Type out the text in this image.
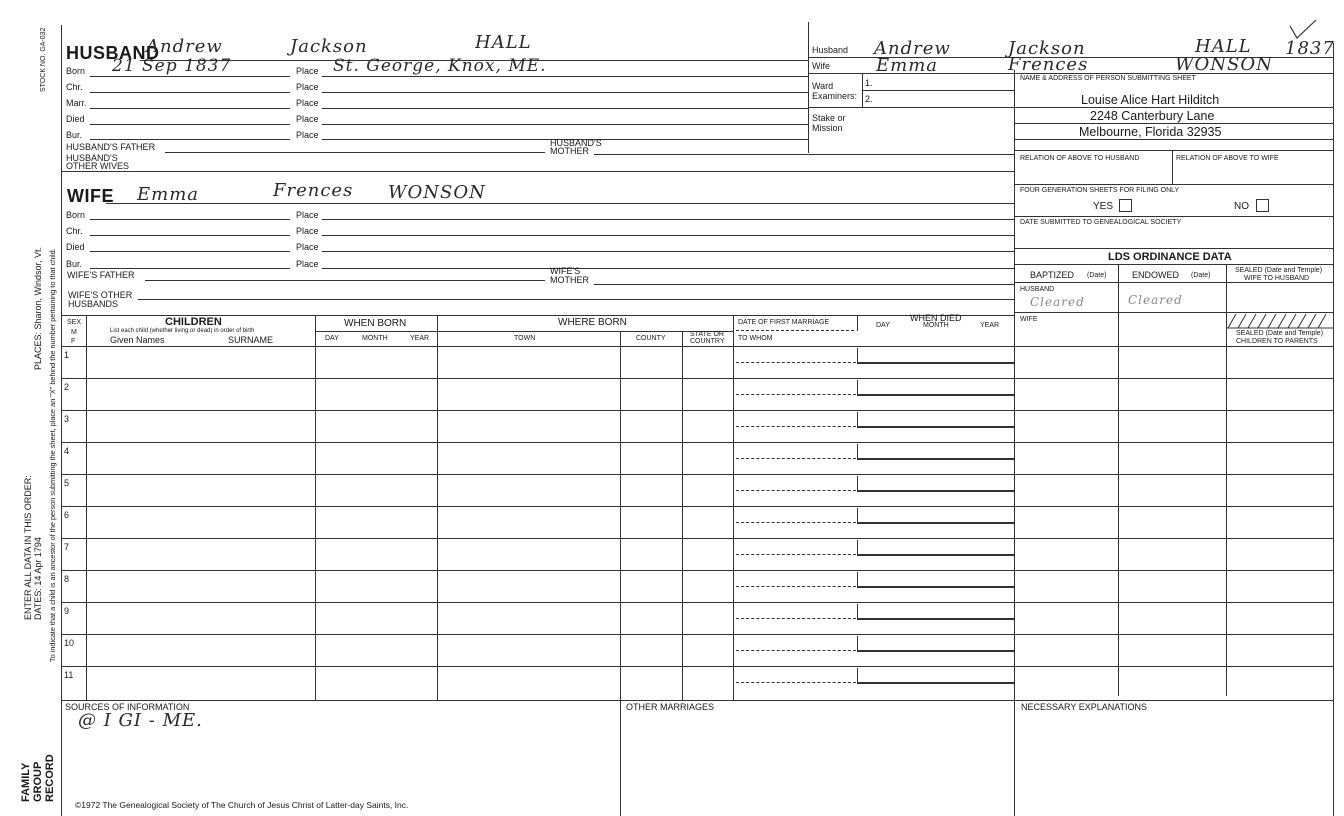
STOCK NO. GA-032
PLACES: Sharon, Windsor, Vt. To indicate that a child is an ancestor of the person submitting the sheet, place an "X" behind the number pertaining to that child.
ENTER ALL DATA IN THIS ORDER: DATES: 14 Apr 1794
FAMILY GROUP RECORD
HUSBAND
Andrew	Jackson	HALL
Born 21 Sep 1837	Place St. George, Knox, ME.
Chr.	Place
Marr.	Place
Died	Place
Bur.	Place
HUSBAND'S FATHER	HUSBAND'S
MOTHER
HUSBAND'S
OTHER WIVES
WIFE Emma	Frences WONSON
Born	Place
Chr.	Place
Died	Place
Bur.	Place
WIFE'S FATHER	WIFE'S
MOTHER
WIFE'S OTHER
HUSBANDS
Husband Andrew	Jackson	HALL 1837
Wife	Emma	Frences	WONSON
Ward
Examiners:
1.
2.
Stake or
Mission
NAME & ADDRESS OF PERSON SUBMITTING SHEET
Louise Alice Hart Hilditch
2248 Canterbury Lane
Melbourne, Florida 32935
RELATION OF ABOVE TO HUSBAND	RELATION OF ABOVE TO WIFE
FOUR GENERATION SHEETS FOR FILING ONLY
YES	NO
DATE SUBMITTED TO GENEALOGICAL SOCIETY
LDS ORDINANCE DATA
BAPTIZED (Date)	ENDOWED (Date)
SEALED (Date and Temple)
WIFE TO HUSBAND
HUSBAND
Cleared	Cleared
WIFE
SEALED (Date and Temple)
CHILDREN TO PARENTS
SEX
M
F
CHILDREN
List each child (whether living or dead) in order of birth
Given Names	SURNAME
WHEN BORN
DAY	MONTH	YEAR
WHERE BORN
TOWN	COUNTY
STATE OR
COUNTRY
DATE OF FIRST MARRIAGE
TO WHOM
WHEN DIED
DAY	MONTH	YEAR
1
2
3
4
5
6
7
8
9
10
11
SOURCES OF INFORMATION
@ I GI - ME.
OTHER MARRIAGES	NECESSARY EXPLANATIONS
©1972 The Genealogical Society of The Church of Jesus Christ of Latter-day Saints, Inc.
